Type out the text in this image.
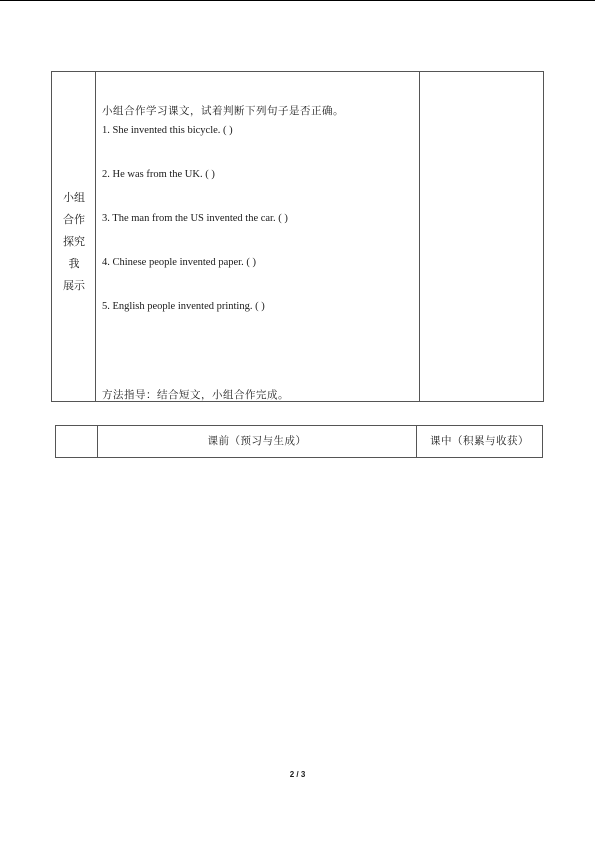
小组
合作
探究
我
展示
小组合作学习课文，试着判断下列句子是否正确。
1. She invented this bicycle. ( )
2. He was from the UK. ( )
3. The man from the US invented the car. ( )
4. Chinese people invented paper. ( )
5. English people invented printing. ( )
方法指导：结合短文，小组合作完成。
课前（预习与生成）	课中（积累与收获）
2 / 3
